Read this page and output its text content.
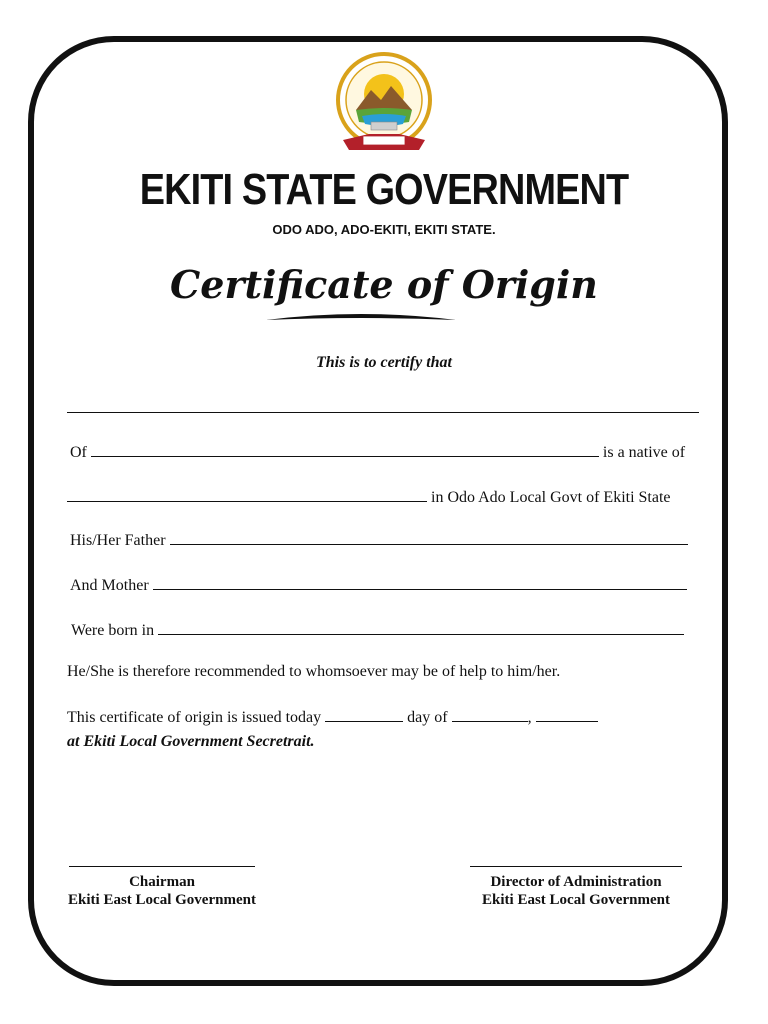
EKITI STATE GOVERNMENT
ODO ADO, ADO-EKITI, EKITI STATE.
Certificate of Origin
This is to certify that
Of	is a native of
in Odo Ado Local Govt of Ekiti State
His/Her Father
And Mother
Were born in
He/She is therefore recommended to whomsoever may be of help to him/her.
This certificate of origin is issued today	day of	,
at Ekiti Local Government Secretrait.
Chairman
Ekiti East Local Government
Director of Administration
Ekiti East Local Government
